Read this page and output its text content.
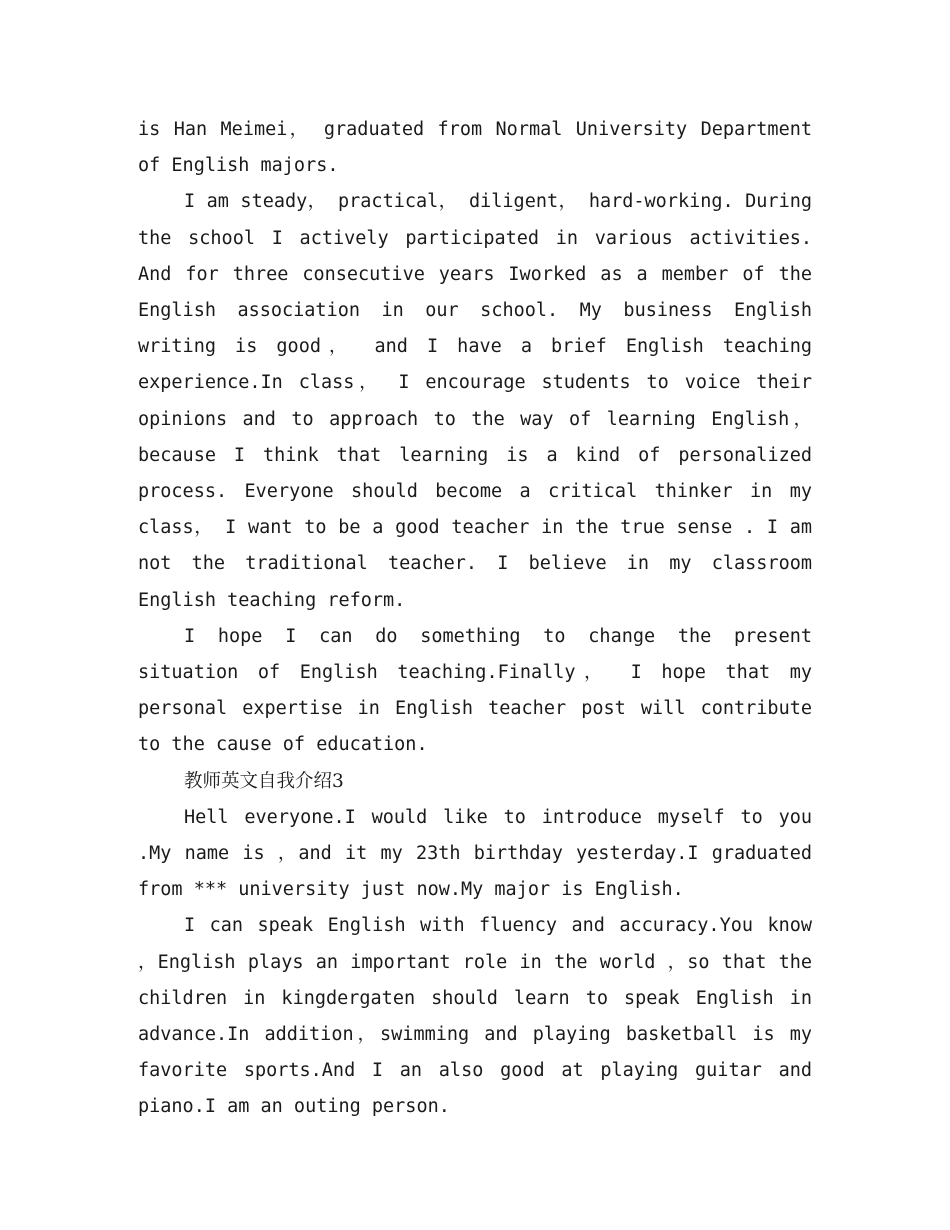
is Han Meimei， graduated from Normal University Department of English majors.

I am steady， practical， diligent， hard-working. During the school I actively participated in various activities. And for three consecutive years Iworked as a member of the English association in our school. My business English writing is good， and I have a brief English teaching experience.In class， I encourage students to voice their opinions and to approach to the way of learning English， because I think that learning is a kind of personalized process. Everyone should become a critical thinker in my class， I want to be a good teacher in the true sense . I am not the traditional teacher. I believe in my classroom English teaching reform.

I hope I can do something to change the present situation of English teaching.Finally， I hope that my personal expertise in English teacher post will contribute to the cause of education.

教师英文自我介绍3

Hell everyone.I would like to introduce myself to you .My name is ，and it my 23th birthday yesterday.I graduated from *** university just now.My major is English.

I can speak English with fluency and accuracy.You know ，English plays an important role in the world ，so that the children in kingdergaten should learn to speak English in advance.In addition，swimming and playing basketball is my favorite sports.And I an also good at playing guitar and piano.I am an outing person.
